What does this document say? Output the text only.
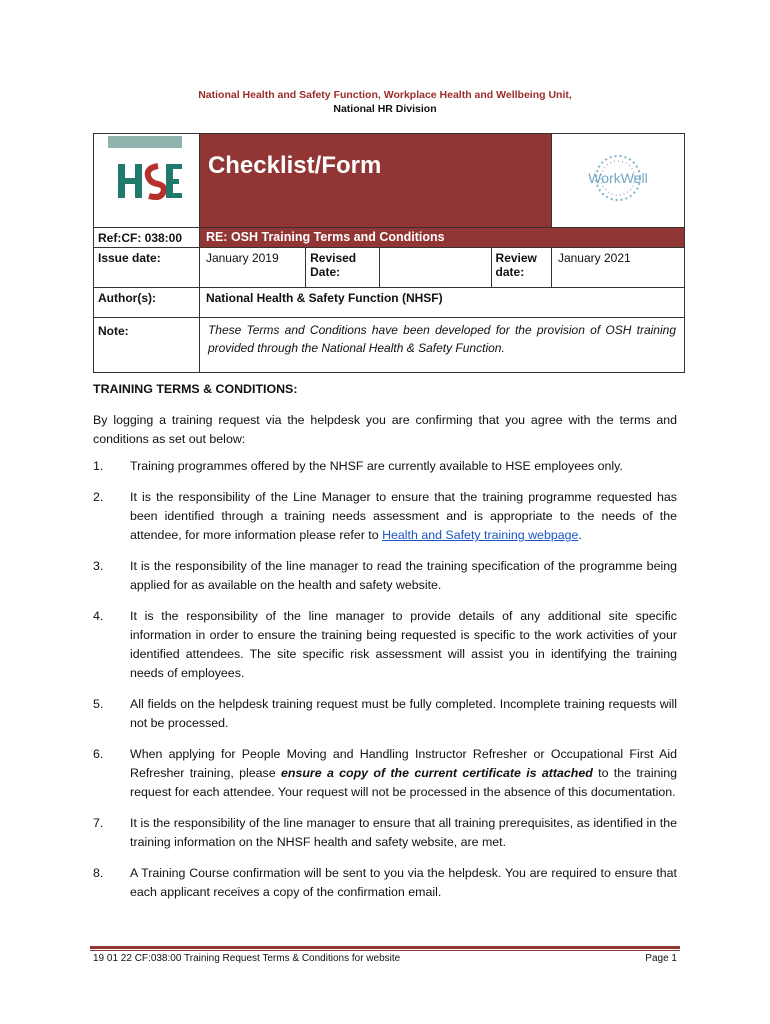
National Health and Safety Function, Workplace Health and Wellbeing Unit,
National HR Division
HSE	Checklist/Form				WorkWell

Ref:CF: 038:00	RE: OSH Training Terms and Conditions				
Issue date:	January 2019	Revised Date:		Review date:	January 2021
Author(s):	National Health & Safety Function (NHSF)				
Note:	These Terms and Conditions have been developed for the provision of OSH training provided through the National Health & Safety Function.				
TRAINING TERMS & CONDITIONS:
By logging a training request via the helpdesk you are confirming that you agree with the terms and conditions as set out below:
1. Training programmes offered by the NHSF are currently available to HSE employees only.
2. It is the responsibility of the Line Manager to ensure that the training programme requested has been identified through a training needs assessment and is appropriate to the needs of the attendee, for more information please refer to Health and Safety training webpage.
3. It is the responsibility of the line manager to read the training specification of the programme being applied for as available on the health and safety website.
4. It is the responsibility of the line manager to provide details of any additional site specific information in order to ensure the training being requested is specific to the work activities of your identified attendees. The site specific risk assessment will assist you in identifying the training needs of employees.
5. All fields on the helpdesk training request must be fully completed. Incomplete training requests will not be processed.
6. When applying for People Moving and Handling Instructor Refresher or Occupational First Aid Refresher training, please ensure a copy of the current certificate is attached to the training request for each attendee. Your request will not be processed in the absence of this documentation.
7. It is the responsibility of the line manager to ensure that all training prerequisites, as identified in the training information on the NHSF health and safety website, are met.
8. A Training Course confirmation will be sent to you via the helpdesk. You are required to ensure that each applicant receives a copy of the confirmation email.
19 01 22 CF:038:00 Training Request Terms & Conditions for website	Page 1
